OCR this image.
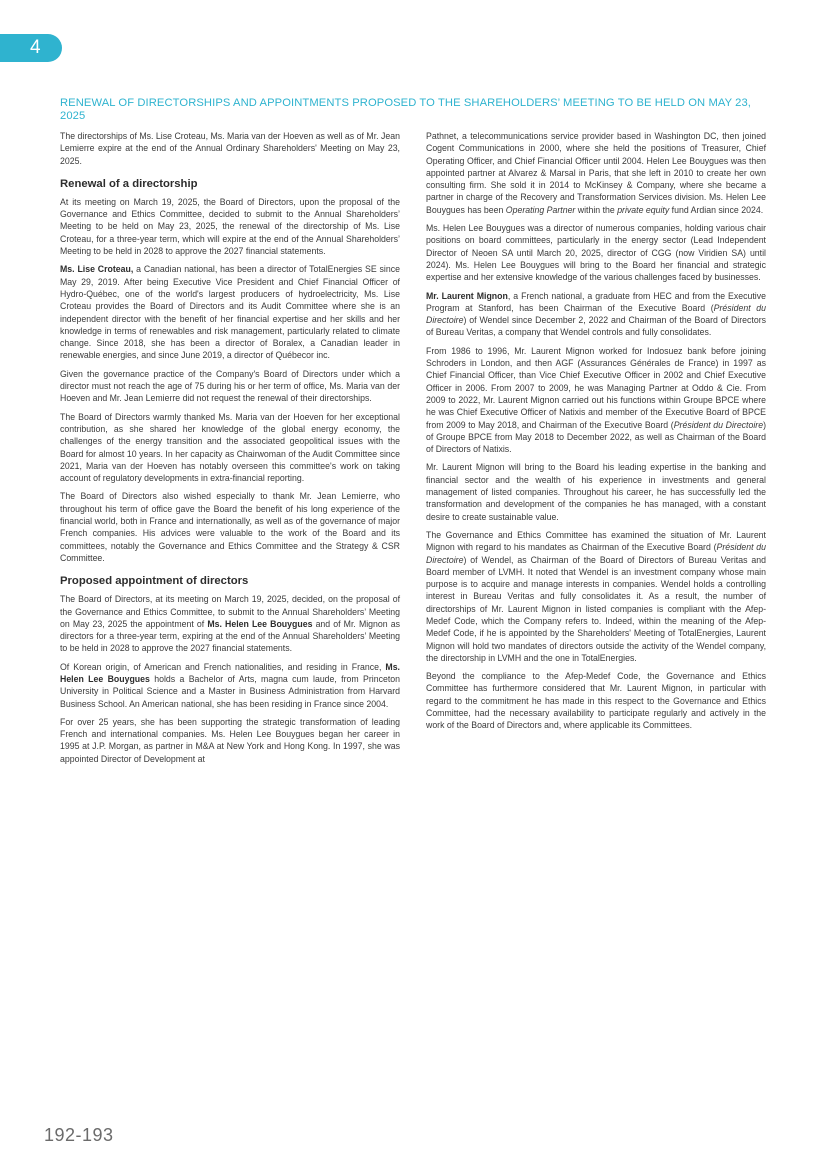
4
RENEWAL OF DIRECTORSHIPS AND APPOINTMENTS PROPOSED TO THE SHAREHOLDERS’ MEETING TO BE HELD ON MAY 23, 2025

The directorships of Ms. Lise Croteau, Ms. Maria van der Hoeven as well as of Mr. Jean Lemierre expire at the end of the Annual Ordinary Shareholders' Meeting on May 23, 2025.

Renewal of a directorship

At its meeting on March 19, 2025, the Board of Directors, upon the proposal of the Governance and Ethics Committee, decided to submit to the Annual Shareholders’ Meeting to be held on May 23, 2025, the renewal of the directorship of Ms. Lise Croteau, for a three-year term, which will expire at the end of the Annual Shareholders’ Meeting to be held in 2028 to approve the 2027 financial statements.

Ms. Lise Croteau, a Canadian national, has been a director of TotalEnergies SE since May 29, 2019. After being Executive Vice President and Chief Financial Officer of Hydro-Québec, one of the world's largest producers of hydroelectricity, Ms. Lise Croteau provides the Board of Directors and its Audit Committee where she is an independent director with the benefit of her financial expertise and her skills and her knowledge in terms of renewables and risk management, particularly related to climate change. Since 2018, she has been a director of Boralex, a Canadian leader in renewable energies, and since June 2019, a director of Québecor inc.

Given the governance practice of the Company's Board of Directors under which a director must not reach the age of 75 during his or her term of office, Ms. Maria van der Hoeven and Mr. Jean Lemierre did not request the renewal of their directorships.

The Board of Directors warmly thanked Ms. Maria van der Hoeven for her exceptional contribution, as she shared her knowledge of the global energy economy, the challenges of the energy transition and the associated geopolitical issues with the Board for almost 10 years. In her capacity as Chairwoman of the Audit Committee since 2021, Maria van der Hoeven has notably overseen this committee's work on taking account of regulatory developments in extra-financial reporting.

The Board of Directors also wished especially to thank Mr. Jean Lemierre, who throughout his term of office gave the Board the benefit of his long experience of the financial world, both in France and internationally, as well as of the governance of major French companies. His advices were valuable to the work of the Board and its committees, notably the Governance and Ethics Committee and the Strategy & CSR Committee.

Proposed appointment of directors

The Board of Directors, at its meeting on March 19, 2025, decided, on the proposal of the Governance and Ethics Committee, to submit to the Annual Shareholders’ Meeting on May 23, 2025 the appointment of Ms. Helen Lee Bouygues and of Mr. Mignon as directors for a three-year term, expiring at the end of the Annual Shareholders’ Meeting to be held in 2028 to approve the 2027 financial statements.

Of Korean origin, of American and French nationalities, and residing in France, Ms. Helen Lee Bouygues holds a Bachelor of Arts, magna cum laude, from Princeton University in Political Science and a Master in Business Administration from Harvard Business School. An American national, she has been residing in France since 2004.

For over 25 years, she has been supporting the strategic transformation of leading French and international companies. Ms. Helen Lee Bouygues began her career in 1995 at J.P. Morgan, as partner in M&A at New York and Hong Kong. In 1997, she was appointed Director of Development at

Pathnet, a telecommunications service provider based in Washington DC, then joined Cogent Communications in 2000, where she held the positions of Treasurer, Chief Operating Officer, and Chief Financial Officer until 2004. Helen Lee Bouygues was then appointed partner at Alvarez & Marsal in Paris, that she left in 2010 to create her own consulting firm. She sold it in 2014 to McKinsey & Company, where she became a partner in charge of the Recovery and Transformation Services division. Ms. Helen Lee Bouygues has been Operating Partner within the private equity fund Ardian since 2024.

Ms. Helen Lee Bouygues was a director of numerous companies, holding various chair positions on board committees, particularly in the energy sector (Lead Independent Director of Neoen SA until March 20, 2025, director of CGG (now Viridien SA) until 2024). Ms. Helen Lee Bouygues will bring to the Board her financial and strategic expertise and her extensive knowledge of the various challenges faced by businesses.

Mr. Laurent Mignon, a French national, a graduate from HEC and from the Executive Program at Stanford, has been Chairman of the Executive Board (Président du Directoire) of Wendel since December 2, 2022 and Chairman of the Board of Directors of Bureau Veritas, a company that Wendel controls and fully consolidates.

From 1986 to 1996, Mr. Laurent Mignon worked for Indosuez bank before joining Schroders in London, and then AGF (Assurances Générales de France) in 1997 as Chief Financial Officer, than Vice Chief Executive Officer in 2002 and Chief Executive Officer in 2006. From 2007 to 2009, he was Managing Partner at Oddo & Cie. From 2009 to 2022, Mr. Laurent Mignon carried out his functions within Groupe BPCE where he was Chief Executive Officer of Natixis and member of the Executive Board of BPCE from 2009 to May 2018, and Chairman of the Executive Board (Président du Directoire) of Groupe BPCE from May 2018 to December 2022, as well as Chairman of the Board of Directors of Natixis.

Mr. Laurent Mignon will bring to the Board his leading expertise in the banking and financial sector and the wealth of his experience in investments and general management of listed companies. Throughout his career, he has successfully led the transformation and development of the companies he has managed, with a constant desire to create sustainable value.

The Governance and Ethics Committee has examined the situation of Mr. Laurent Mignon with regard to his mandates as Chairman of the Executive Board (Président du Directoire) of Wendel, as Chairman of the Board of Directors of Bureau Veritas and Board member of LVMH. It noted that Wendel is an investment company whose main purpose is to acquire and manage interests in companies. Wendel holds a controlling interest in Bureau Veritas and fully consolidates it. As a result, the number of directorships of Mr. Laurent Mignon in listed companies is compliant with the Afep-Medef Code, which the Company refers to. Indeed, within the meaning of the Afep-Medef Code, if he is appointed by the Shareholders' Meeting of TotalEnergies, Laurent Mignon will hold two mandates of directors outside the activity of the Wendel company, the directorship in LVMH and the one in TotalEnergies.

Beyond the compliance to the Afep-Medef Code, the Governance and Ethics Committee has furthermore considered that Mr. Laurent Mignon, in particular with regard to the commitment he has made in this respect to the Governance and Ethics Committee, had the necessary availability to participate regularly and actively in the work of the Board of Directors and, where applicable its Committees.

192-193
